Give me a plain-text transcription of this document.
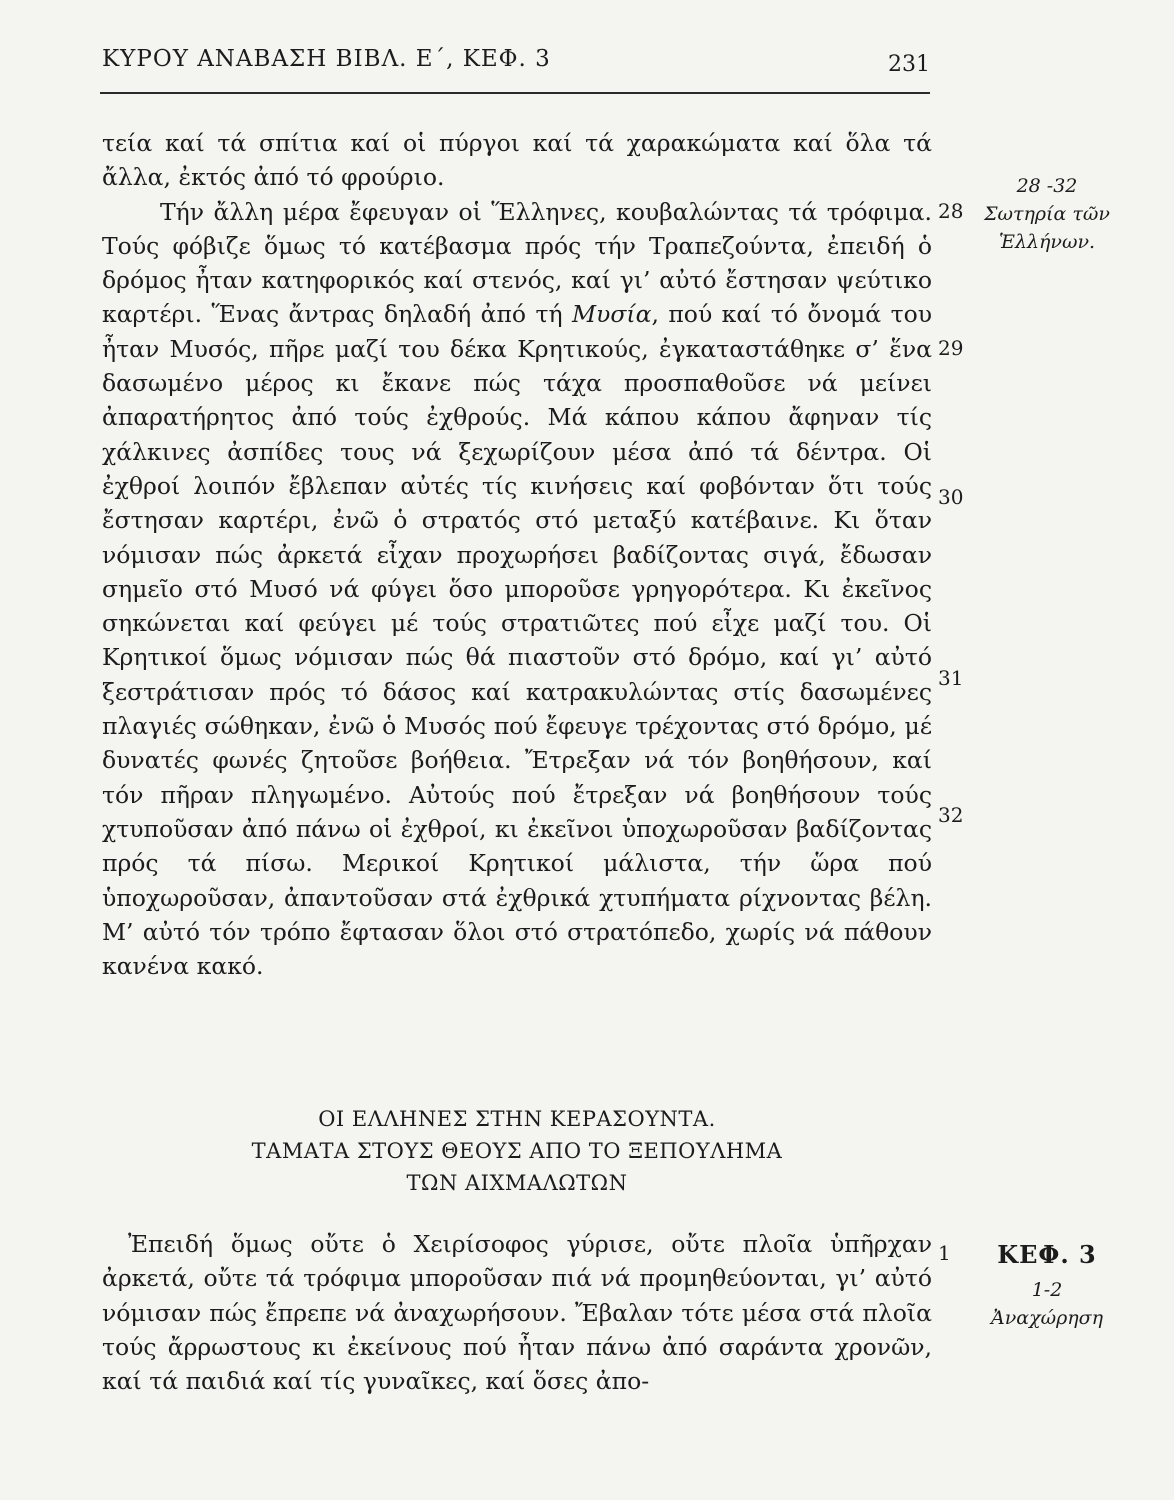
ΚΥΡΟΥ ΑΝΑΒΑΣΗ ΒΙΒΛ. Ε΄, ΚΕΦ. 3	231

τεία καί τά σπίτια καί οἱ πύργοι καί τά χαρακώματα καί ὅλα τά ἄλλα, ἐκτός ἀπό τό φρούριο.

Τήν ἄλλη μέρα ἔφευγαν οἱ Ἕλληνες, κουβαλώντας τά τρόφιμα. Τούς φόβιζε ὅμως τό κατέβασμα πρός τήν Τραπεζούντα, ἐπειδή ὁ δρόμος ἦταν κατηφορικός καί στενός, καί γι’ αὐτό ἔστησαν ψεύτικο καρτέρι. Ἕνας ἄντρας δηλαδή ἀπό τή Μυσία, πού καί τό ὄνομά του ἦταν Μυσός, πῆρε μαζί του δέκα Κρητικούς, ἐγκαταστάθηκε σ’ ἕνα δασωμένο μέρος κι ἔκανε πώς τάχα προσπαθοῦσε νά μείνει ἀπαρατήρητος ἀπό τούς ἐχθρούς. Μά κάπου κάπου ἄφηναν τίς χάλκινες ἀσπίδες τους νά ξεχωρίζουν μέσα ἀπό τά δέντρα. Οἱ ἐχθροί λοιπόν ἔβλεπαν αὐτές τίς κινήσεις καί φοβόνταν ὅτι τούς ἔστησαν καρτέρι, ἐνῶ ὁ στρατός στό μεταξύ κατέβαινε. Κι ὅταν νόμισαν πώς ἀρκετά εἶχαν προχωρήσει βαδίζοντας σιγά, ἔδωσαν σημεῖο στό Μυσό νά φύγει ὅσο μποροῦσε γρηγορότερα. Κι ἐκεῖνος σηκώνεται καί φεύγει μέ τούς στρατιῶτες πού εἶχε μαζί του. Οἱ Κρητικοί ὅμως νόμισαν πώς θά πιαστοῦν στό δρόμο, καί γι’ αὐτό ξεστράτισαν πρός τό δάσος καί κατρακυλώντας στίς δασωμένες πλαγιές σώθηκαν, ἐνῶ ὁ Μυσός πού ἔφευγε τρέχοντας στό δρόμο, μέ δυνατές φωνές ζητοῦσε βοήθεια. Ἔτρεξαν νά τόν βοηθήσουν, καί τόν πῆραν πληγωμένο. Αὐτούς πού ἔτρεξαν νά βοηθήσουν τούς χτυποῦσαν ἀπό πάνω οἱ ἐχθροί, κι ἐκεῖνοι ὑποχωροῦσαν βαδίζοντας πρός τά πίσω. Μερικοί Κρητικοί μάλιστα, τήν ὥρα πού ὑποχωροῦσαν, ἀπαντοῦσαν στά ἐχθρικά χτυπήματα ρίχνοντας βέλη. Μ’ αὐτό τόν τρόπο ἔφτασαν ὅλοι στό στρατόπεδο, χωρίς νά πάθουν κανένα κακό.

28
29
30
31
32
1
28 -32
Σωτηρία τῶν
Ἑλλήνων.
ΟΙ ΕΛΛΗΝΕΣ ΣΤΗΝ ΚΕΡΑΣΟΥΝΤΑ.
ΤΑΜΑΤΑ ΣΤΟΥΣ ΘΕΟΥΣ ΑΠΟ ΤΟ ΞΕΠΟΥΛΗΜΑ
ΤΩΝ ΑΙΧΜΑΛΩΤΩΝ

Ἐπειδή ὅμως οὔτε ὁ Χειρίσοφος γύρισε, οὔτε πλοῖα ὑπῆρχαν ἀρκετά, οὔτε τά τρόφιμα μποροῦσαν πιά νά προμηθεύονται, γι’ αὐτό νόμισαν πώς ἔπρεπε νά ἀναχωρήσουν. Ἔβαλαν τότε μέσα στά πλοῖα τούς ἄρρωστους κι ἐκείνους πού ἦταν πάνω ἀπό σαράντα χρονῶν, καί τά παιδιά καί τίς γυναῖκες, καί ὅσες ἀπο-

ΚΕΦ. 3
1-2
Ἀναχώρηση
